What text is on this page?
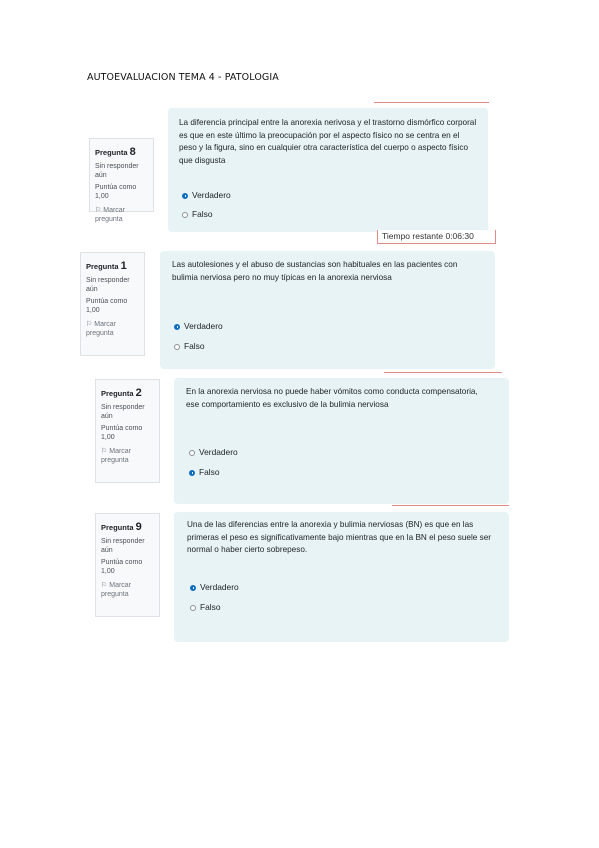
AUTOEVALUACION TEMA 4 - PATOLOGIA
Pregunta 8
Sin responder aún
Puntúa como 1,00
⚐ Marcar pregunta
La diferencia principal entre la anorexia nerivosa y el trastorno dismórfico corporal es que en este último la preocupación por el aspecto físico no se centra en el peso y la figura, sino en cualquier otra característica del cuerpo o aspecto físico que disgusta
Verdadero
Falso
Tiempo restante 0:06:30
Pregunta 1
Sin responder aún
Puntúa como 1,00
⚐ Marcar pregunta
Las autolesiones y el abuso de sustancias son habituales en las pacientes con bulimia nerviosa pero no muy típicas en la anorexia nerviosa
Verdadero
Falso
Pregunta 2
Sin responder aún
Puntúa como 1,00
⚐ Marcar pregunta
En la anorexia nerviosa no puede haber vómitos como conducta compensatoria, ese comportamiento es exclusivo de la bulimia nerviosa
Verdadero
Falso
Pregunta 9
Sin responder aún
Puntúa como 1,00
⚐ Marcar pregunta
Una de las diferencias entre la anorexia y bulimia nerviosas (BN) es que en las primeras el peso es significativamente bajo mientras que en la BN el peso suele ser normal o haber cierto sobrepeso.
Verdadero
Falso
